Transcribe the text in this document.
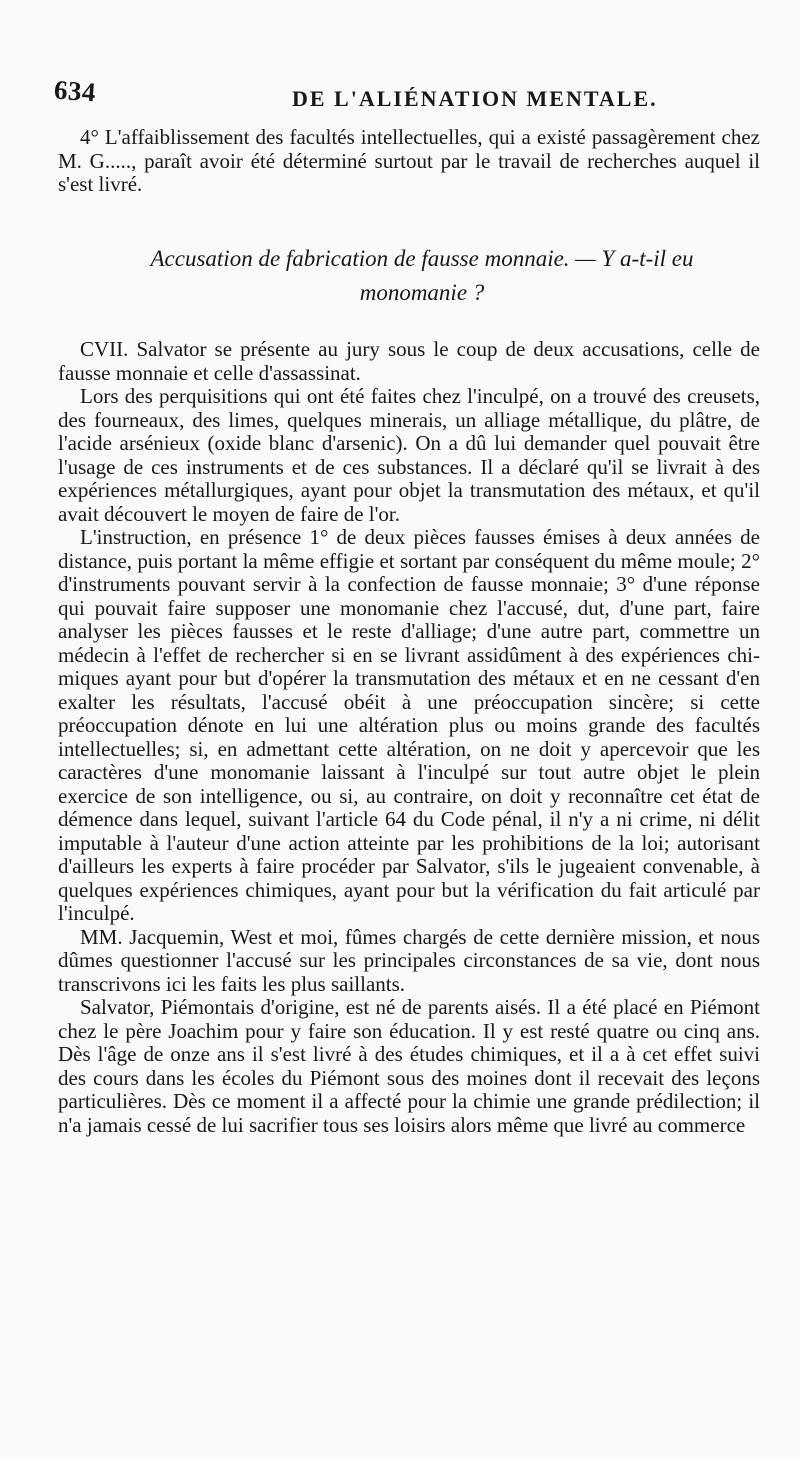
634	DE L'ALIÉNATION MENTALE.

4° L'affaiblissement des facultés intellectuelles, qui a existé passagèrement chez M. G....., paraît avoir été déterminé surtout par le travail de recherches auquel il s'est livré.

Accusation de fabrication de fausse monnaie. — Y a-t-il eu
monomanie ?

CVII. Salvator se présente au jury sous le coup de deux accusations, celle de fausse monnaie et celle d'assassinat.

Lors des perquisitions qui ont été faites chez l'inculpé, on a trouvé des creusets, des fourneaux, des limes, quelques minerais, un alliage métallique, du plâtre, de l'acide arsénieux (oxide blanc d'arsenic). On a dû lui demander quel pouvait être l'usage de ces instruments et de ces substances. Il a déclaré qu'il se livrait à des expériences métallurgiques, ayant pour objet la transmutation des métaux, et qu'il avait découvert le moyen de faire de l'or.

L'instruction, en présence 1° de deux pièces fausses émises à deux années de distance, puis portant la même effigie et sortant par conséquent du même moule; 2° d'instruments pouvant servir à la confection de fausse monnaie; 3° d'une réponse qui pouvait faire supposer une monomanie chez l'accusé, dut, d'une part, faire analyser les pièces fausses et le reste d'alliage; d'une autre part, commettre un médecin à l'effet de rechercher si en se livrant assidûment à des expériences chimiques ayant pour but d'opérer la transmutation des métaux et en ne cessant d'en exalter les résultats, l'accusé obéit à une préoccupation sincère; si cette préoccupation dénote en lui une altération plus ou moins grande des facultés intellectuelles; si, en admettant cette altération, on ne doit y apercevoir que les caractères d'une monomanie laissant à l'inculpé sur tout autre objet le plein exercice de son intelligence, ou si, au contraire, on doit y reconnaître cet état de démence dans lequel, suivant l'article 64 du Code pénal, il n'y a ni crime, ni délit imputable à l'auteur d'une action atteinte par les prohibitions de la loi; autorisant d'ailleurs les experts à faire procéder par Salvator, s'ils le jugeaient convenable, à quelques expériences chimiques, ayant pour but la vérification du fait articulé par l'inculpé.

MM. Jacquemin, West et moi, fûmes chargés de cette dernière mission, et nous dûmes questionner l'accusé sur les principales circonstances de sa vie, dont nous transcrivons ici les faits les plus saillants.

Salvator, Piémontais d'origine, est né de parents aisés. Il a été placé en Piémont chez le père Joachim pour y faire son éducation. Il y est resté quatre ou cinq ans. Dès l'âge de onze ans il s'est livré à des études chimiques, et il a à cet effet suivi des cours dans les écoles du Piémont sous des moines dont il recevait des leçons particulières. Dès ce moment il a affecté pour la chimie une grande prédilection; il n'a jamais cessé de lui sacrifier tous ses loisirs alors même que livré au commerce
